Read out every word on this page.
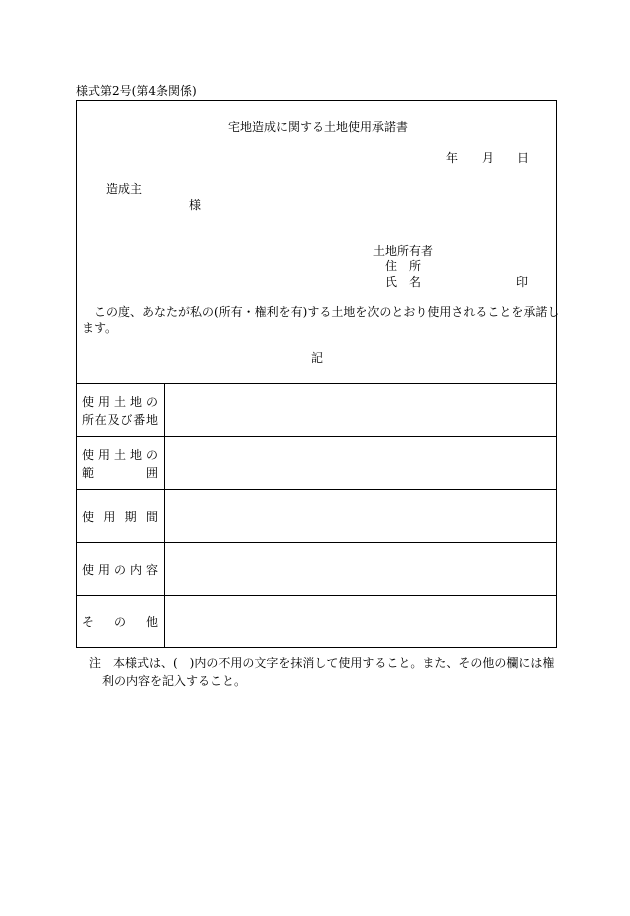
様式第2号(第4条関係)
宅地造成に関する土地使用承諾書
年 月 日
造成主
様
土地所有者
住　所
氏　名	印
この度、あなたが私の(所有・権利を有)する土地を次のとおり使用されることを承諾し
ます。
記
使用土地の
所在及び番地
使用土地の
範　囲
使用期間
使用の内容
その他
注　本様式は、(　)内の不用の文字を抹消して使用すること。また、その他の欄には権
利の内容を記入すること。
